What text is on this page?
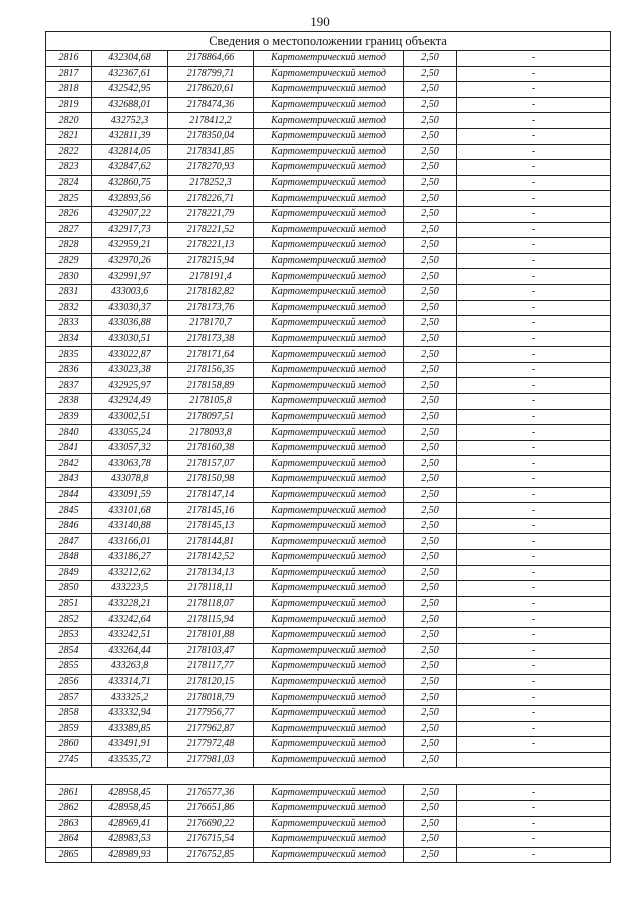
190
Сведения о местоположении границ объекта					
2816	432304,68	2178864,66	Картометрический метод	2,50	-
2817	432367,61	2178799,71	Картометрический метод	2,50	-
2818	432542,95	2178620,61	Картометрический метод	2,50	-
2819	432688,01	2178474,36	Картометрический метод	2,50	-
2820	432752,3	2178412,2	Картометрический метод	2,50	-
2821	432811,39	2178350,04	Картометрический метод	2,50	-
2822	432814,05	2178341,85	Картометрический метод	2,50	-
2823	432847,62	2178270,93	Картометрический метод	2,50	-
2824	432860,75	2178252,3	Картометрический метод	2,50	-
2825	432893,56	2178226,71	Картометрический метод	2,50	-
2826	432907,22	2178221,79	Картометрический метод	2,50	-
2827	432917,73	2178221,52	Картометрический метод	2,50	-
2828	432959,21	2178221,13	Картометрический метод	2,50	-
2829	432970,26	2178215,94	Картометрический метод	2,50	-
2830	432991,97	2178191,4	Картометрический метод	2,50	-
2831	433003,6	2178182,82	Картометрический метод	2,50	-
2832	433030,37	2178173,76	Картометрический метод	2,50	-
2833	433036,88	2178170,7	Картометрический метод	2,50	-
2834	433030,51	2178173,38	Картометрический метод	2,50	-
2835	433022,87	2178171,64	Картометрический метод	2,50	-
2836	433023,38	2178156,35	Картометрический метод	2,50	-
2837	432925,97	2178158,89	Картометрический метод	2,50	-
2838	432924,49	2178105,8	Картометрический метод	2,50	-
2839	433002,51	2178097,51	Картометрический метод	2,50	-
2840	433055,24	2178093,8	Картометрический метод	2,50	-
2841	433057,32	2178160,38	Картометрический метод	2,50	-
2842	433063,78	2178157,07	Картометрический метод	2,50	-
2843	433078,8	2178150,98	Картометрический метод	2,50	-
2844	433091,59	2178147,14	Картометрический метод	2,50	-
2845	433101,68	2178145,16	Картометрический метод	2,50	-
2846	433140,88	2178145,13	Картометрический метод	2,50	-
2847	433166,01	2178144,81	Картометрический метод	2,50	-
2848	433186,27	2178142,52	Картометрический метод	2,50	-
2849	433212,62	2178134,13	Картометрический метод	2,50	-
2850	433223,5	2178118,11	Картометрический метод	2,50	-
2851	433228,21	2178118,07	Картометрический метод	2,50	-
2852	433242,64	2178115,94	Картометрический метод	2,50	-
2853	433242,51	2178101,88	Картометрический метод	2,50	-
2854	433264,44	2178103,47	Картометрический метод	2,50	-
2855	433263,8	2178117,77	Картометрический метод	2,50	-
2856	433314,71	2178120,15	Картометрический метод	2,50	-
2857	433325,2	2178018,79	Картометрический метод	2,50	-
2858	433332,94	2177956,77	Картометрический метод	2,50	-
2859	433389,85	2177962,87	Картометрический метод	2,50	-
2860	433491,91	2177972,48	Картометрический метод	2,50	-
2745	433535,72	2177981,03	Картометрический метод	2,50	

2861	428958,45	2176577,36	Картометрический метод	2,50	-
2862	428958,45	2176651,86	Картометрический метод	2,50	-
2863	428969,41	2176690,22	Картометрический метод	2,50	-
2864	428983,53	2176715,54	Картометрический метод	2,50	-
2865	428989,93	2176752,85	Картометрический метод	2,50	-
